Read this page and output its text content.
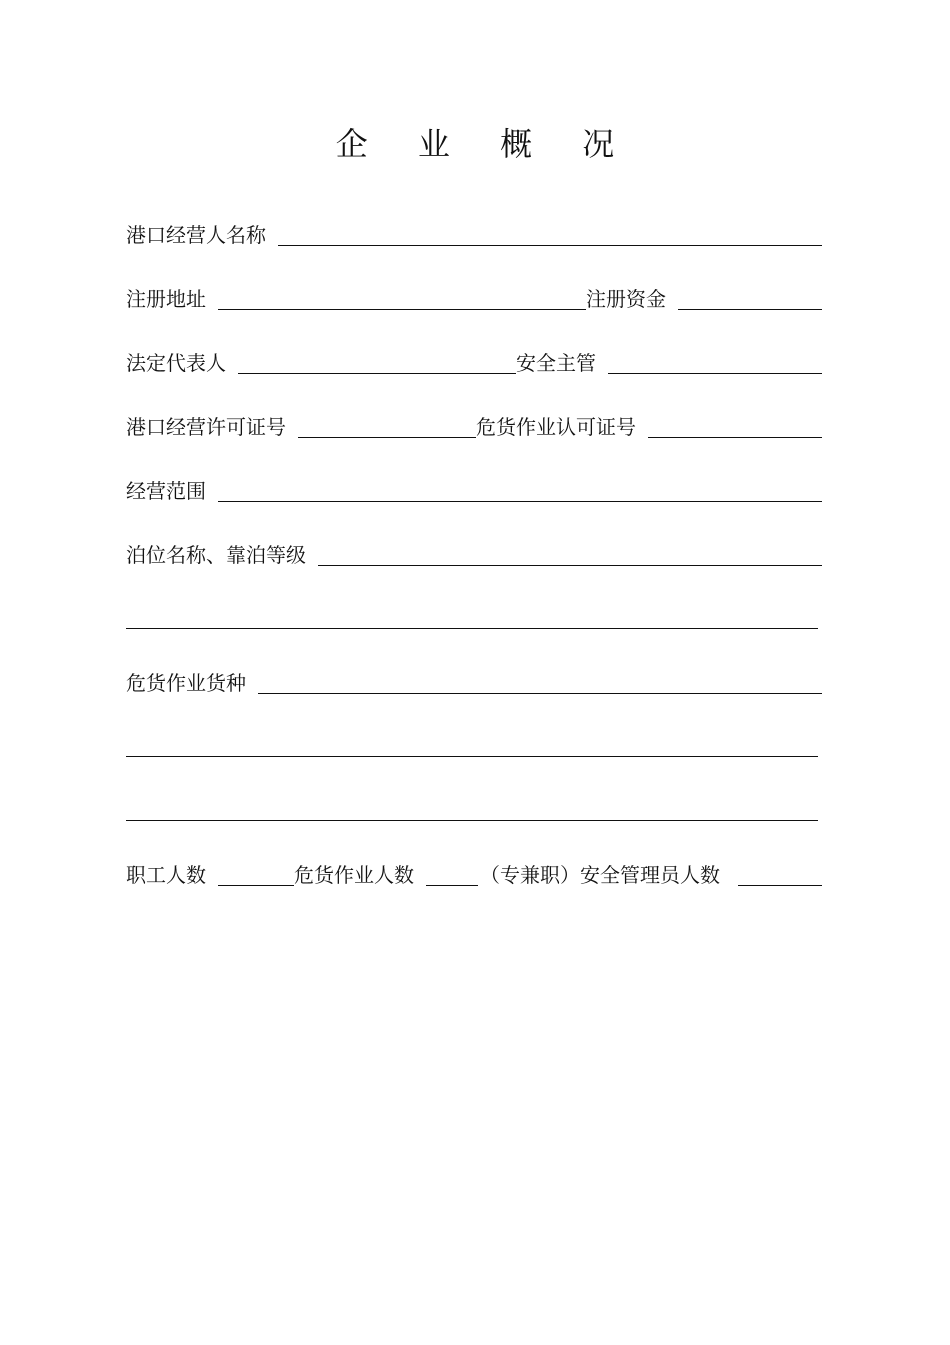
企 业 概 况
港口经营人名称
注册地址	注册资金
法定代表人	安全主管
港口经营许可证号	危货作业认可证号
经营范围
泊位名称、靠泊等级
危货作业货种
职工人数	危货作业人数	（专兼职）安全管理员人数
